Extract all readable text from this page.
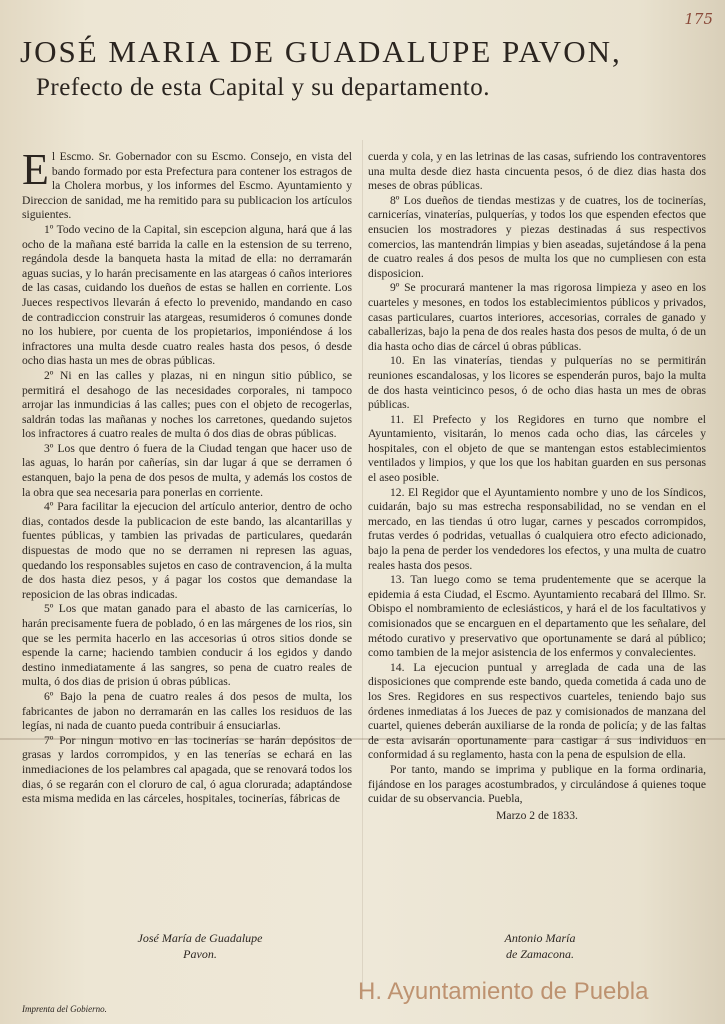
175
JOSÉ MARIA DE GUADALUPE PAVON,
Prefecto de esta Capital y su departamento.

El Escmo. Sr. Gobernador con su Escmo. Consejo, en vista del bando formado por esta Prefectura para contener los estragos de la Cholera morbus, y los informes del Escmo. Ayuntamiento y Direccion de sanidad, me ha remitido para su publicacion los artículos siguientes.

1º Todo vecino de la Capital, sin escepcion alguna, hará que á las ocho de la mañana esté barrida la calle en la estension de su terreno, regándola desde la banqueta hasta la mitad de ella: no derramarán aguas sucias, y lo harán precisamente en las atargeas ó caños interiores de las casas, cuidando los dueños de estas se hallen en corriente. Los Jueces respectivos llevarán á efecto lo prevenido, mandando en caso de contradiccion construir las atargeas, resumideros ó comunes donde no los hubiere, por cuenta de los propietarios, imponiéndose á los infractores una multa desde cuatro reales hasta dos pesos, ó desde ocho dias hasta un mes de obras públicas.

2º Ni en las calles y plazas, ni en ningun sitio público, se permitirá el desahogo de las necesidades corporales, ni tampoco arrojar las inmundicias á las calles; pues con el objeto de recogerlas, saldrán todas las mañanas y noches los carretones, quedando sujetos los infractores á cuatro reales de multa ó dos dias de obras públicas.

3º Los que dentro ó fuera de la Ciudad tengan que hacer uso de las aguas, lo harán por cañerías, sin dar lugar á que se derramen ó estanquen, bajo la pena de dos pesos de multa, y además los costos de la obra que sea necesaria para ponerlas en corriente.

4º Para facilitar la ejecucion del artículo anterior, dentro de ocho dias, contados desde la publicacion de este bando, las alcantarillas y fuentes públicas, y tambien las privadas de particulares, quedarán dispuestas de modo que no se derramen ni represen las aguas, quedando los responsables sujetos en caso de contravencion, á la multa de dos hasta diez pesos, y á pagar los costos que demandase la reposicion de las obras indicadas.

5º Los que matan ganado para el abasto de las carnicerías, lo harán precisamente fuera de poblado, ó en las márgenes de los rios, sin que se les permita hacerlo en las accesorias ú otros sitios donde se espende la carne; haciendo tambien conducir á los egidos y dando destino inmediatamente á las sangres, so pena de cuatro reales de multa, ó dos dias de prision ú obras públicas.

6º Bajo la pena de cuatro reales á dos pesos de multa, los fabricantes de jabon no derramarán en las calles los residuos de las legías, ni nada de cuanto pueda contribuir á ensuciarlas.

7º Por ningun motivo en las tocinerías se harán depósitos de grasas y lardos corrompidos, y en las tenerías se echará en las inmediaciones de los pelambres cal apagada, que se renovará todos los dias, ó se regarán con el cloruro de cal, ó agua clorurada; adaptándose esta misma medida en las cárceles, hospitales, tocinerías, fábricas de

cuerda y cola, y en las letrinas de las casas, sufriendo los contraventores una multa desde diez hasta cincuenta pesos, ó de diez dias hasta dos meses de obras públicas.

8º Los dueños de tiendas mestizas y de cuatres, los de tocinerías, carnicerías, vinaterías, pulquerías, y todos los que espenden efectos que ensucien los mostradores y piezas destinadas á sus respectivos comercios, las mantendrán limpias y bien aseadas, sujetándose á la pena de cuatro reales á dos pesos de multa los que no cumpliesen con esta disposicion.

9º Se procurará mantener la mas rigorosa limpieza y aseo en los cuarteles y mesones, en todos los establecimientos públicos y privados, casas particulares, cuartos interiores, accesorias, corrales de ganado y caballerizas, bajo la pena de dos reales hasta dos pesos de multa, ó de un dia hasta ocho dias de cárcel ú obras públicas.

10. En las vinaterías, tiendas y pulquerías no se permitirán reuniones escandalosas, y los licores se espenderán puros, bajo la multa de dos hasta veinticinco pesos, ó de ocho dias hasta un mes de obras públicas.

11. El Prefecto y los Regidores en turno que nombre el Ayuntamiento, visitarán, lo menos cada ocho dias, las cárceles y hospitales, con el objeto de que se mantengan estos establecimientos ventilados y limpios, y que los que los habitan guarden en sus personas el aseo posible.

12. El Regidor que el Ayuntamiento nombre y uno de los Síndicos, cuidarán, bajo su mas estrecha responsabilidad, no se vendan en el mercado, en las tiendas ú otro lugar, carnes y pescados corrompidos, frutas verdes ó podridas, vetuallas ó cualquiera otro efecto adicionado, bajo la pena de perder los vendedores los efectos, y una multa de cuatro reales hasta dos pesos.

13. Tan luego como se tema prudentemente que se acerque la epidemia á esta Ciudad, el Escmo. Ayuntamiento recabará del Illmo. Sr. Obispo el nombramiento de eclesiásticos, y hará el de los facultativos y comisionados que se encarguen en el departamento que les señalare, del método curativo y preservativo que oportunamente se dará al público; como tambien de la mejor asistencia de los enfermos y convalecientes.

14. La ejecucion puntual y arreglada de cada una de las disposiciones que comprende este bando, queda cometida á cada uno de los Sres. Regidores en sus respectivos cuarteles, teniendo bajo sus órdenes inmediatas á los Jueces de paz y comisionados de manzana del cuartel, quienes deberán auxiliarse de la ronda de policía; y de las faltas de esta avisarán oportunamente para castigar á sus individuos en conformidad á su reglamento, hasta con la pena de espulsion de ella.

Por tanto, mando se imprima y publique en la forma ordinaria, fijándose en los parages acostumbrados, y circulándose á quienes toque cuidar de su observancia. Puebla,

Marzo 2 de 1833.
José María de Guadalupe
Pavon.
Antonio María
de Zamacona.
Imprenta del Gobierno.
H. Ayuntamiento de Puebla
